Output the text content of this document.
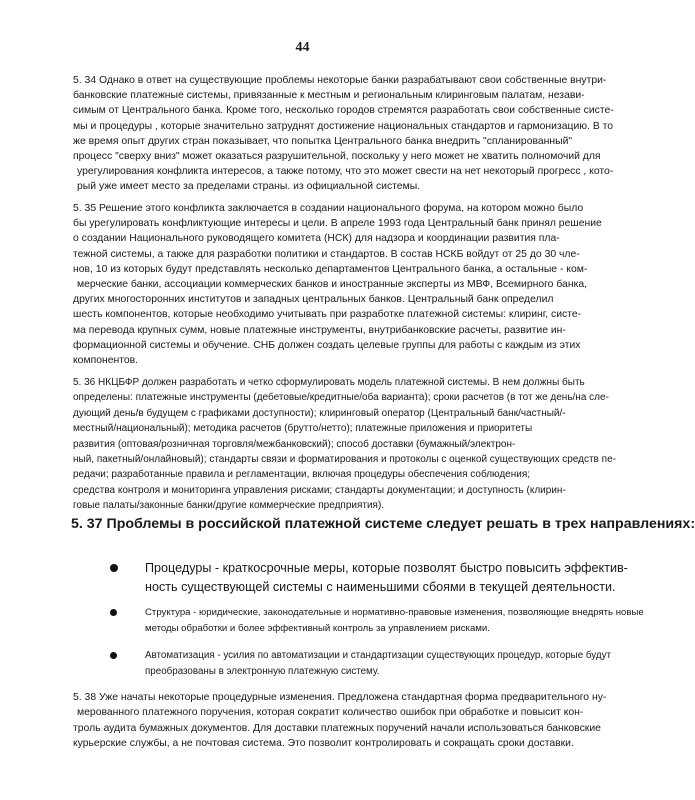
44
5. 34 Однако в ответ на существующие проблемы некоторые банки разрабатывают свои собственные внутри-
банковские платежные системы, привязанные к местным и региональным клиринговым палатам, незави-
симым от Центрального банка. Кроме того, несколько городов стремятся разработать свои собственные систе-
мы и процедуры , которые значительно затруднят достижение национальных стандартов и гармонизацию. В то
же время опыт других стран показывает, что попытка Центрального банка внедрить "спланированный"
процесс "сверху вниз" может оказаться разрушительной, поскольку у него может не хватить полномочий для
урегулирования конфликта интересов, а также потому, что это может свести на нет некоторый прогресс , кото-
рый уже имеет место за пределами страны. из официальной системы.
5. 35 Решение этого конфликта заключается в создании национального форума, на котором можно было
бы урегулировать конфликтующие интересы и цели. В апреле 1993 года Центральный банк принял решение
о создании Национального руководящего комитета (НСК) для надзора и координации развития пла-
тежной системы, а также для разработки политики и стандартов. В состав НСКБ войдут от 25 до 30 чле-
нов, 10 из которых будут представлять несколько департаментов Центрального банка, а остальные - ком-
мерческие банки, ассоциации коммерческих банков и иностранные эксперты из МВФ, Всемирного банка,
других многосторонних институтов и западных центральных банков. Центральный банк определил
шесть компонентов, которые необходимо учитывать при разработке платежной системы: клиринг, систе-
ма перевода крупных сумм, новые платежные инструменты, внутрибанковские расчеты, развитие ин-
формационной системы и обучение. СНБ должен создать целевые группы для работы с каждым из этих
компонентов.
5. 36 НКЦБФР должен разработать и четко сформулировать модель платежной системы. В нем должны быть
определены: платежные инструменты (дебетовые/кредитные/оба варианта); сроки расчетов (в тот же день/на сле-
дующий день/в будущем с графиками доступности); клиринговый оператор (Центральный банк/частный/-
местный/национальный); методика расчетов (брутто/нетто); платежные приложения и приоритеты
развития (оптовая/розничная торговля/межбанковский); способ доставки (бумажный/электрон-
ный, пакетный/онлайновый); стандарты связи и форматирования и протоколы с оценкой существующих средств пе-
редачи; разработанные правила и регламентации, включая процедуры обеспечения соблюдения;
средства контроля и мониторинга управления рисками; стандарты документации; и доступность (клирин-
говые палаты/законные банки/другие коммерческие предприятия).
5. 37 Проблемы в российской платежной системе следует решать в трех направлениях:
Процедуры - краткосрочные меры, которые позволят быстро повысить эффектив-
ность существующей системы с наименьшими сбоями в текущей деятельности.
Структура - юридические, законодательные и нормативно-правовые изменения, позволяющие внедрять новые
методы обработки и более эффективный контроль за управлением рисками.
Автоматизация - усилия по автоматизации и стандартизации существующих процедур, которые будут
преобразованы в электронную платежную систему.
5. 38 Уже начаты некоторые процедурные изменения. Предложена стандартная форма предварительного ну-
мерованного платежного поручения, которая сократит количество ошибок при обработке и повысит кон-
троль аудита бумажных документов. Для доставки платежных поручений начали использоваться банковские
курьерские службы, а не почтовая система. Это позволит контролировать и сокращать сроки доставки.
